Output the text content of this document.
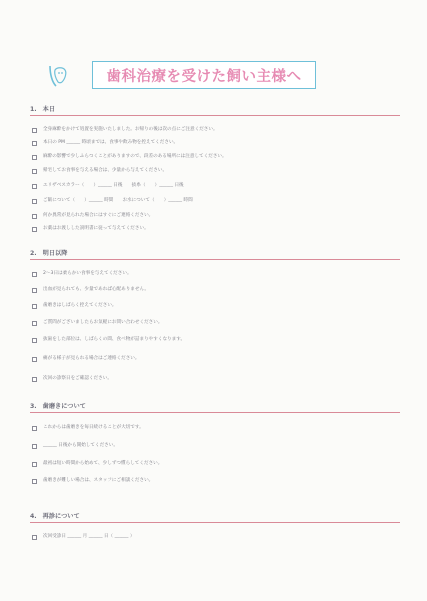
歯科治療を受けた飼い主様へ
1. 本日
全身麻酔をかけて処置を実施いたしました。お帰りの後は次の点にご注意ください。
本日の PM ______ 時頃までは、食事や飲み物を控えてください。
麻酔の影響で少しふらつくことがありますので、段差のある場所には注意してください。
帰宅してお食事を与える場合は、少量から与えてください。
エリザベスカラー（　　）______ 日後　　抜糸（　　）______ 日後
ご飯について（　　）______ 時間　　お水について（　　）______ 時間
何か異常が見られた場合にはすぐにご連絡ください。
お薬はお渡しした説明書に従って与えてください。
2. 明日以降
2〜3日は柔らかい食事を与えてください。
出血が見られても、少量であれば心配ありません。
歯磨きはしばらく控えてください。
ご質問がございましたらお気軽にお問い合わせください。
抜歯をした部位は、しばらくの間、食べ物が詰まりやすくなります。
痛がる様子が見られる場合はご連絡ください。
次回の診察日をご確認ください。
3. 歯磨きについて
これからは歯磨きを毎日続けることが大切です。
______ 日後から開始してください。
最初は短い時間から始めて、少しずつ慣らしてください。
歯磨きが難しい場合は、スタッフにご相談ください。
4. 再診について
次回受診日 ______ 月 ______ 日（ ______ ）
